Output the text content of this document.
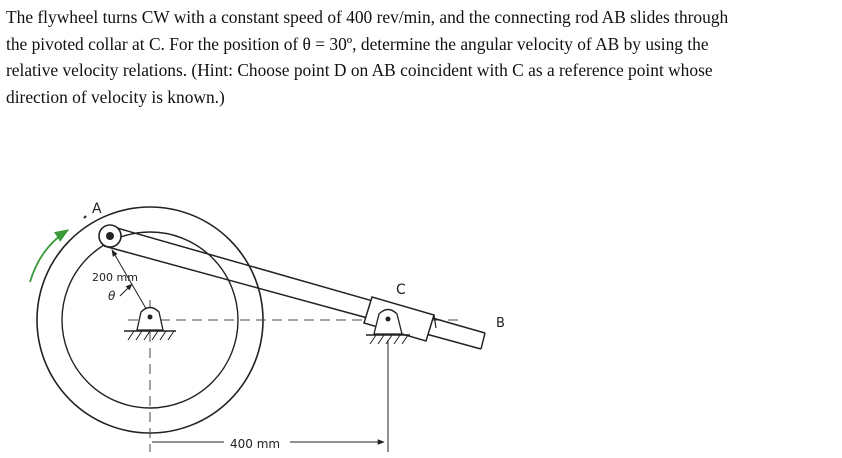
The flywheel turns CW with a constant speed of 400 rev/min, and the connecting rod AB slides through
the pivoted collar at C. For the position of θ = 30º, determine the angular velocity of AB by using the
relative velocity relations. (Hint: Choose point D on AB coincident with C as a reference point whose
direction of velocity is known.)
A
C
B
200 mm
θ
400 mm
